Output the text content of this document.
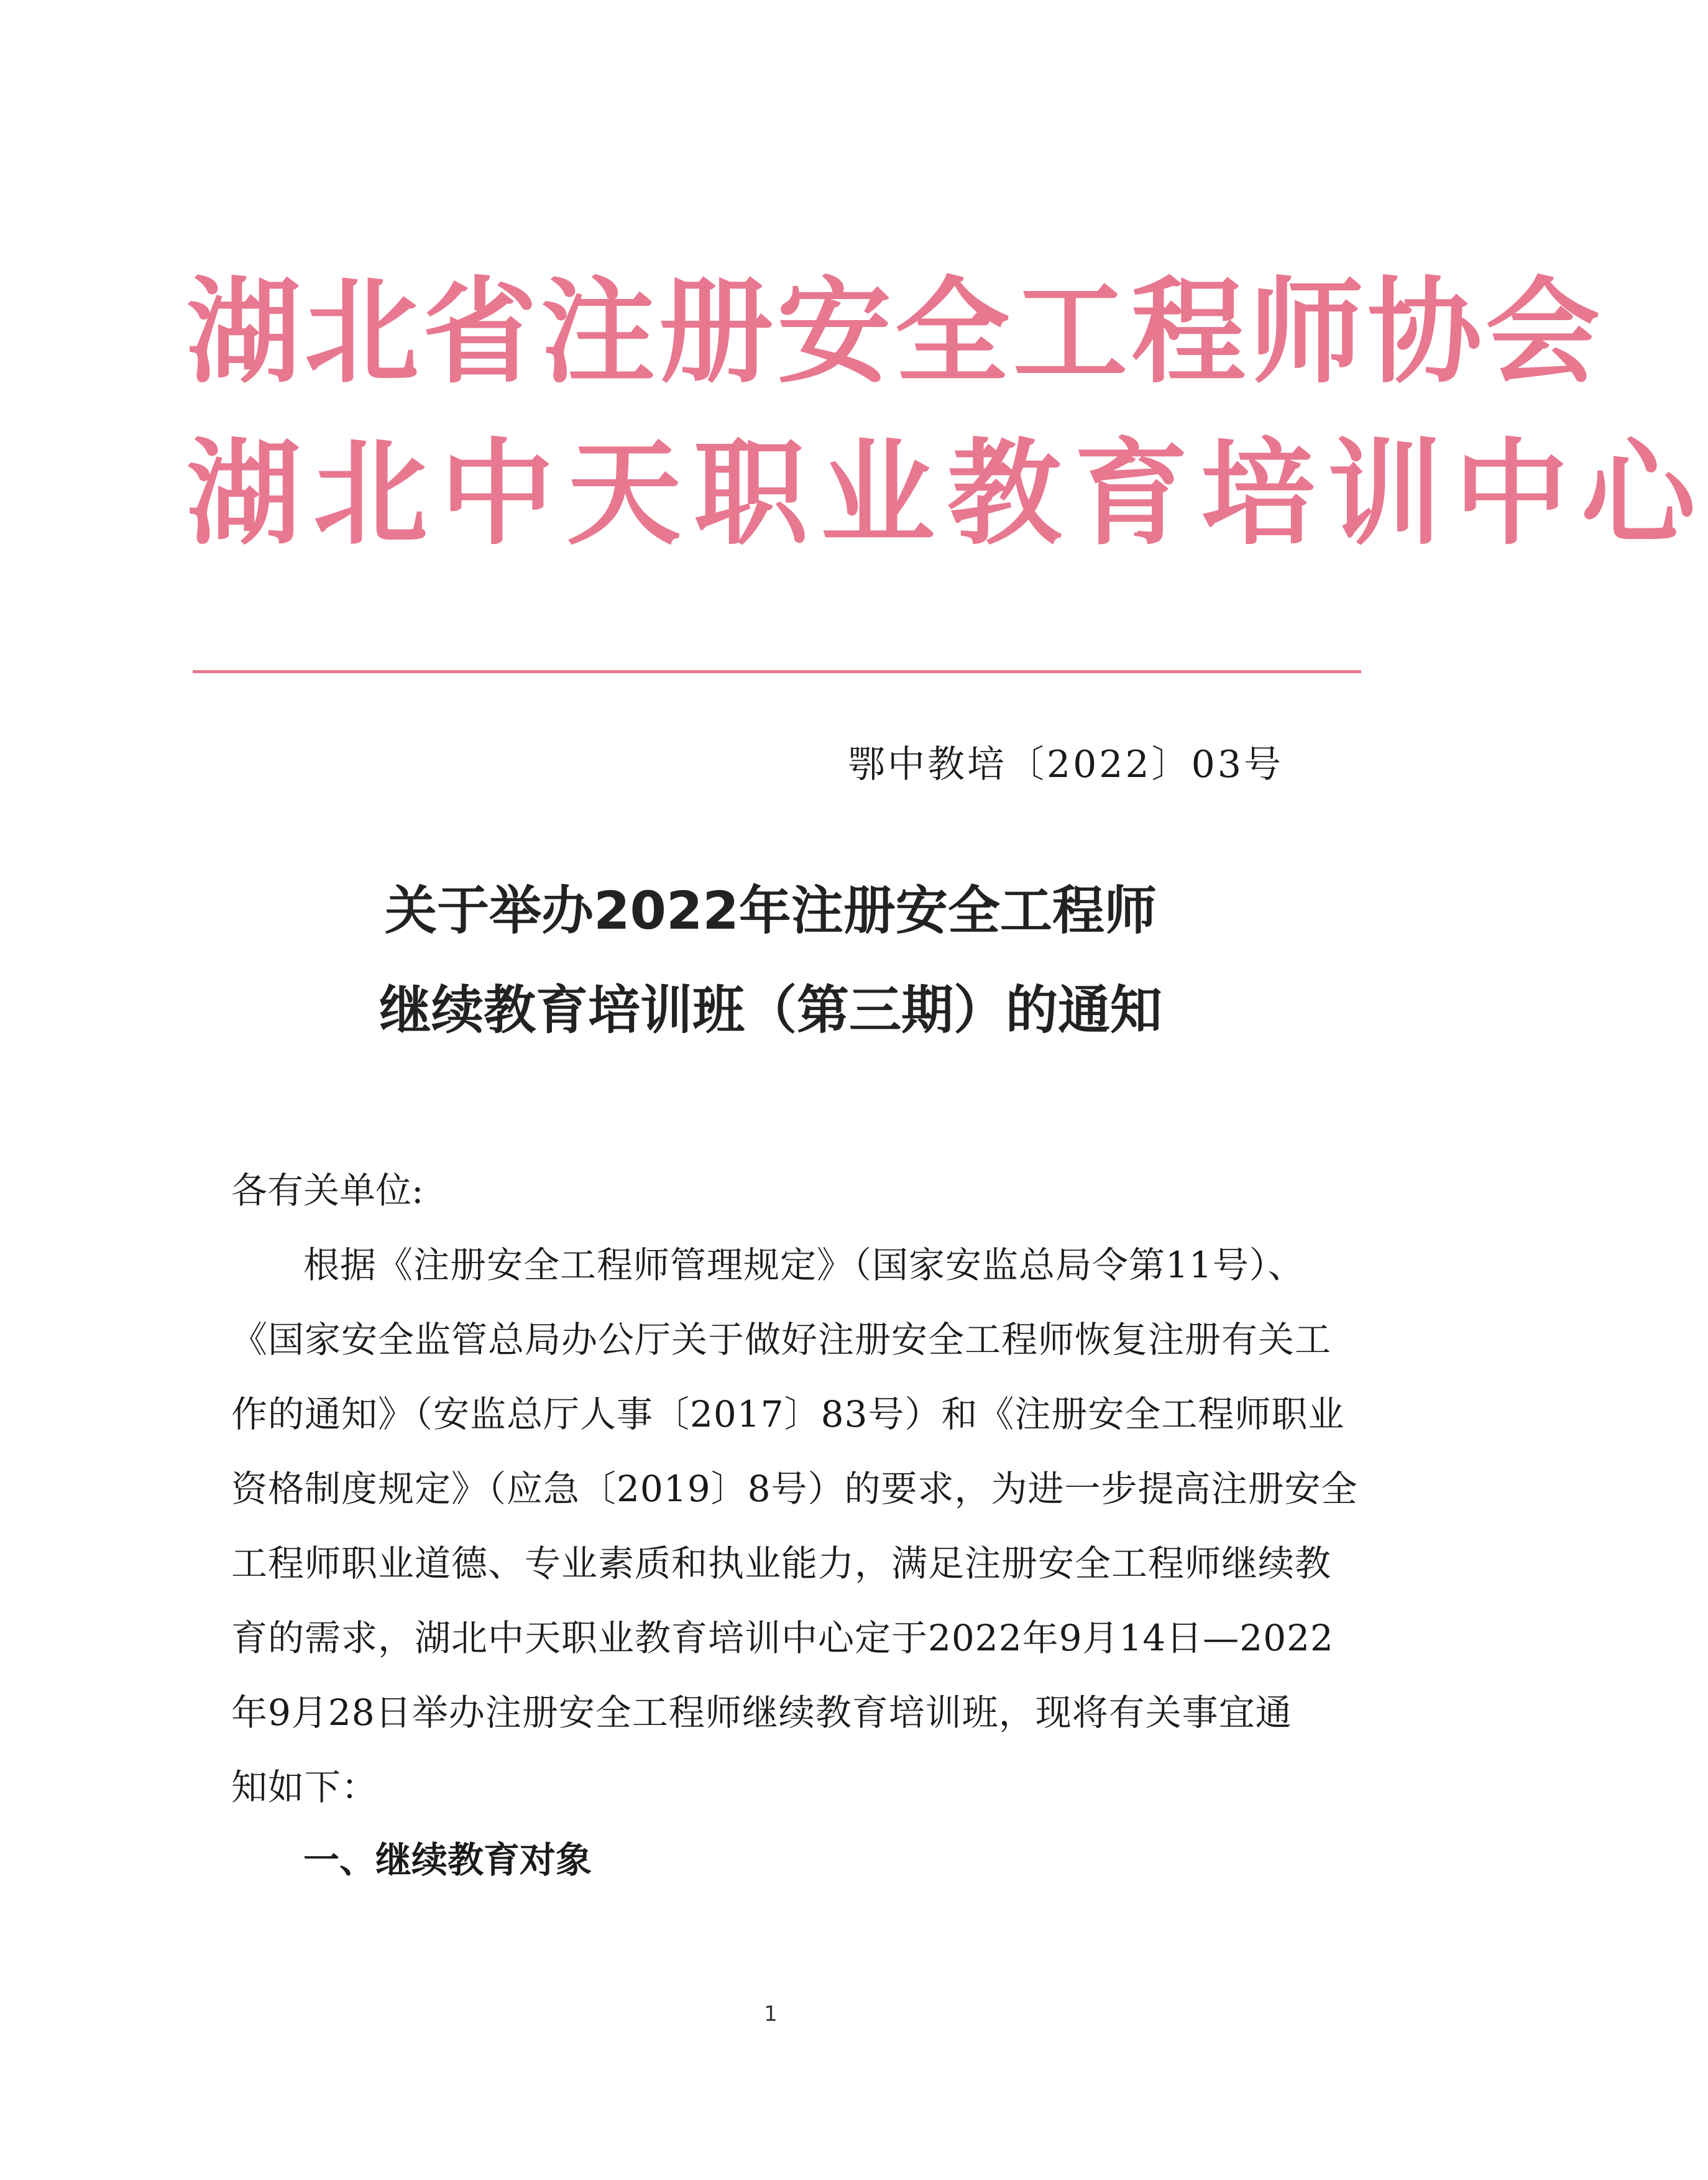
湖北省注册安全工程师协会
湖北中天职业教育培训中心
鄂中教培〔2022〕03号
关于举办2022年注册安全工程师
继续教育培训班（第三期）的通知
各有关单位:
根据《注册安全工程师管理规定》（国家安监总局令第11号）、
《国家安全监管总局办公厅关于做好注册安全工程师恢复注册有关工
作的通知》（安监总厅人事〔2017〕83号）和《注册安全工程师职业
资格制度规定》（应急〔2019〕8号）的要求，为进一步提高注册安全
工程师职业道德、专业素质和执业能力，满足注册安全工程师继续教
育的需求，湖北中天职业教育培训中心定于2022年9月14日—2022
年9月28日举办注册安全工程师继续教育培训班，现将有关事宜通
知如下：
一、继续教育对象
1
